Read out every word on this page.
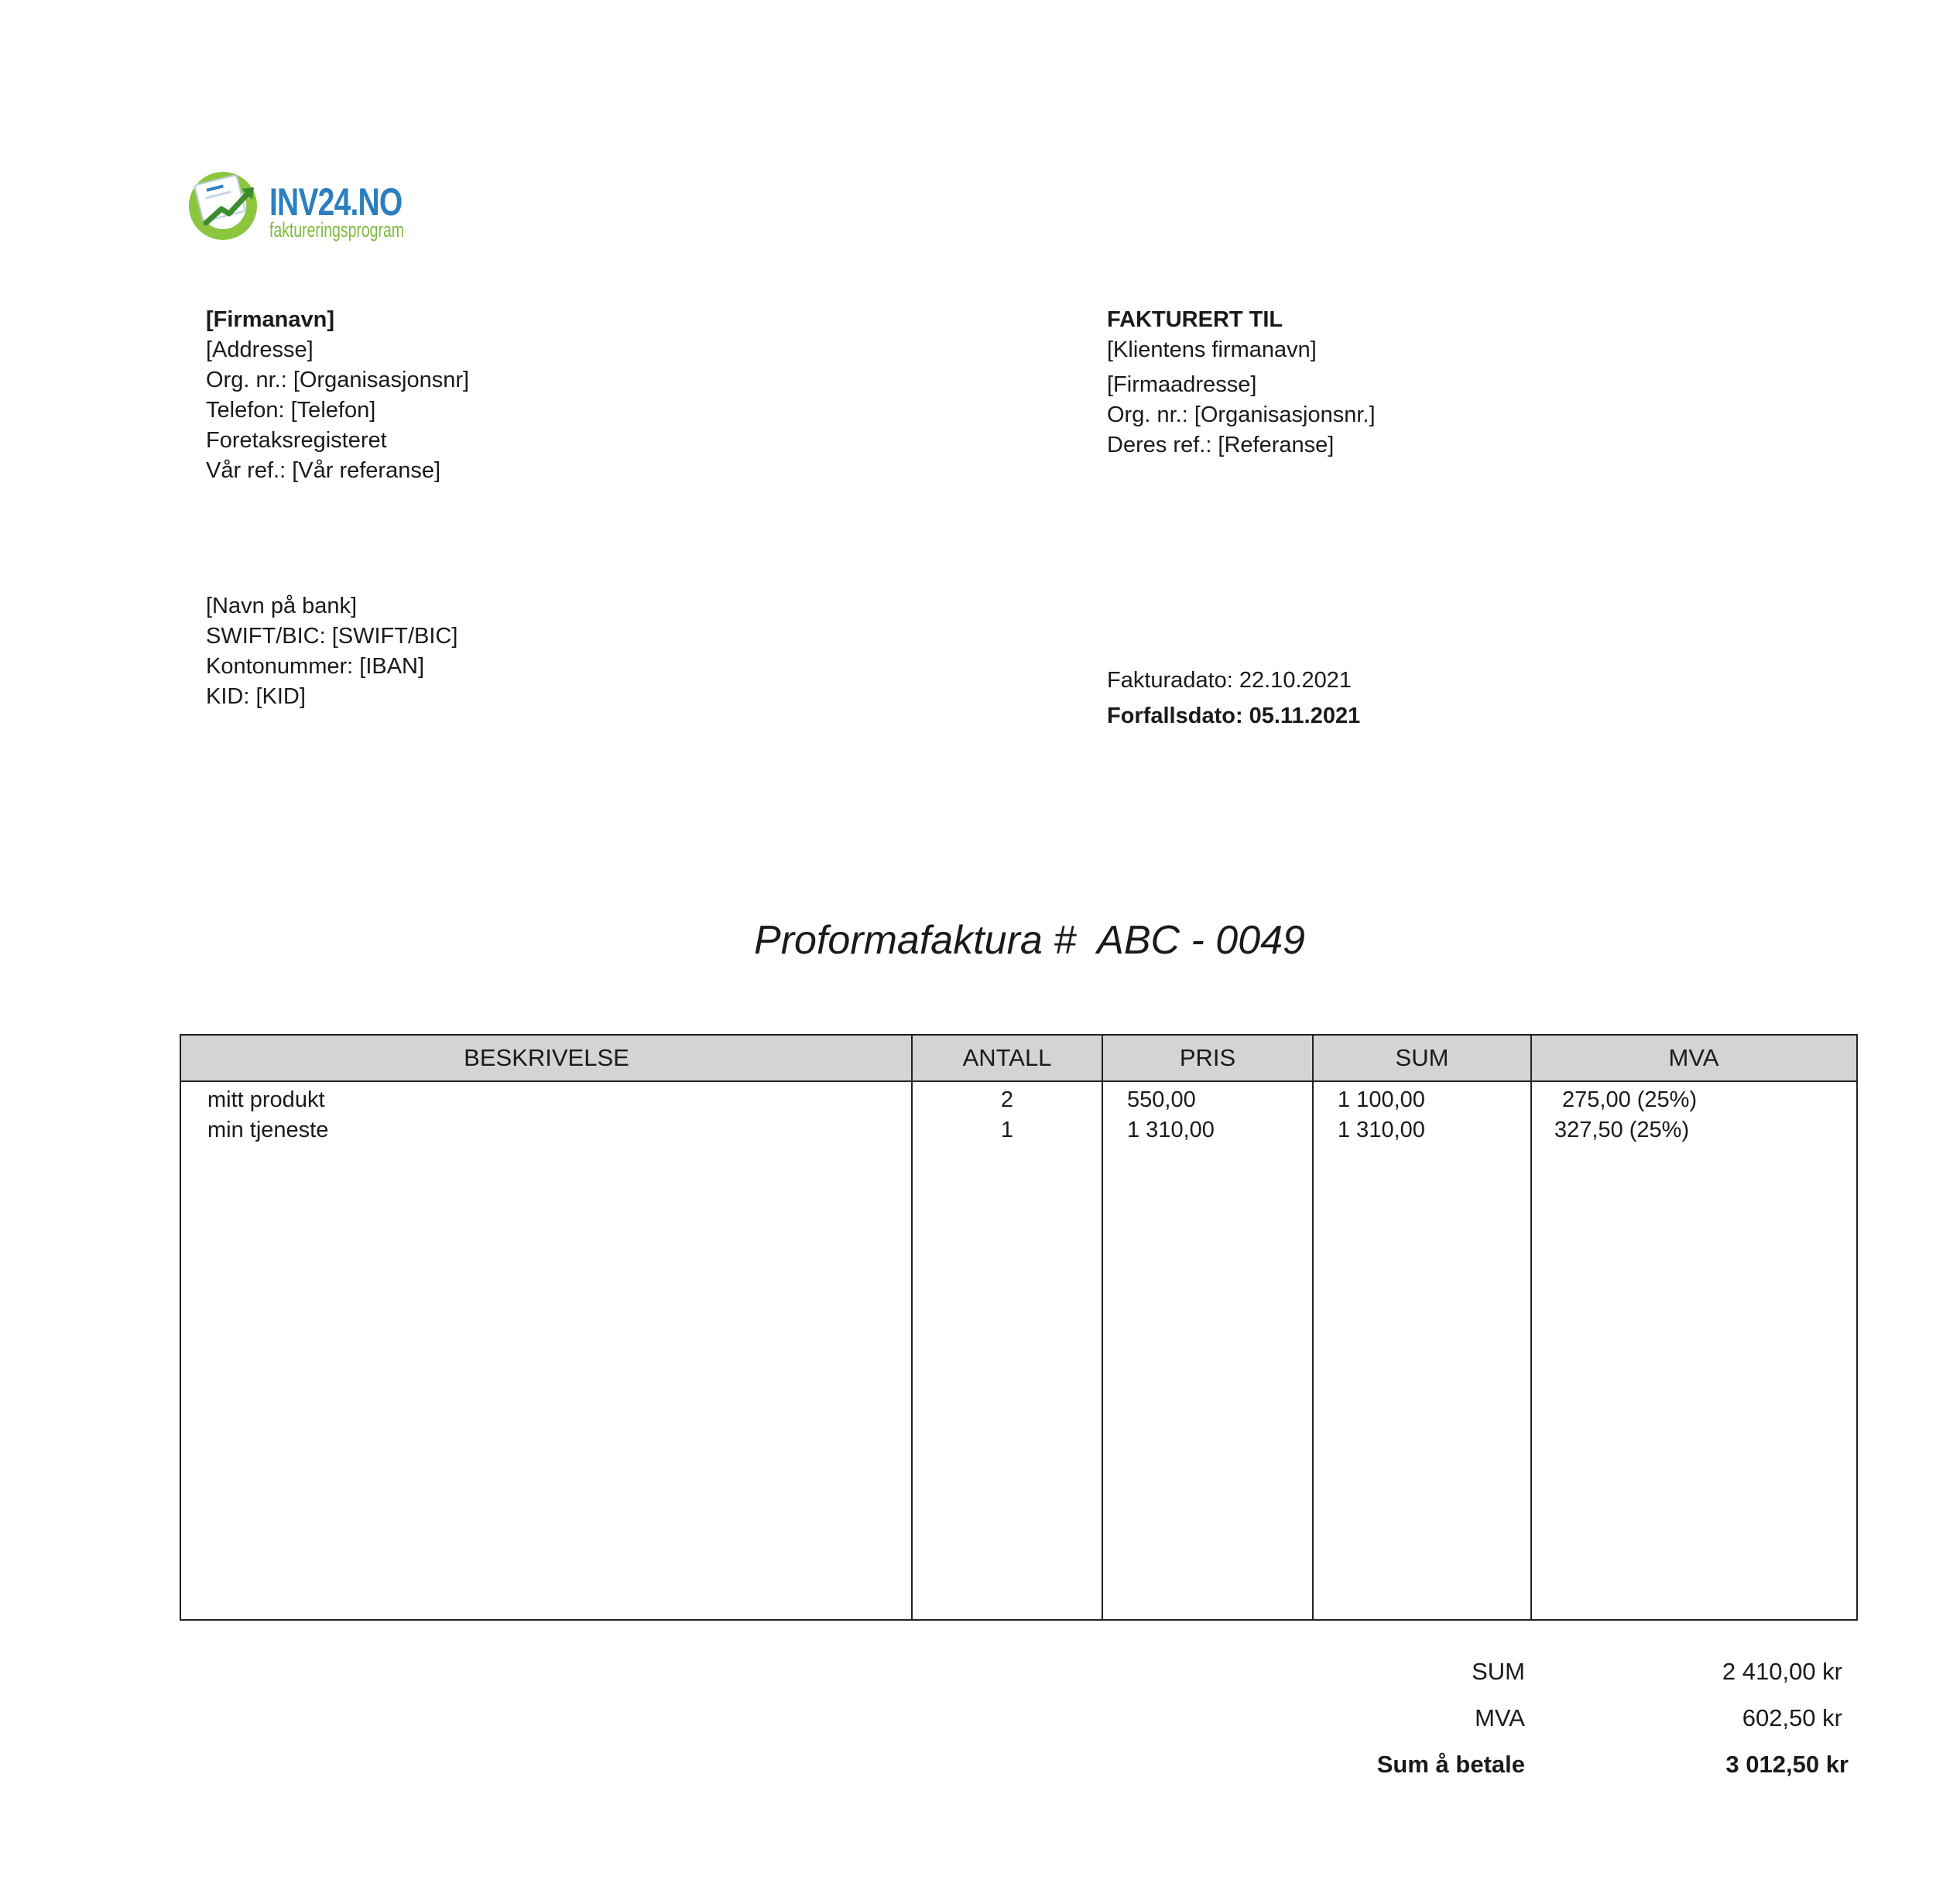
INV24.NO
faktureringsprogram
[Firmanavn]
[Addresse]
Org. nr.: [Organisasjonsnr]
Telefon: [Telefon]
Foretaksregisteret
Vår ref.: [Vår referanse]
FAKTURERT TIL
[Klientens firmanavn]
[Firmaadresse]
Org. nr.: [Organisasjonsnr.]
Deres ref.: [Referanse]
[Navn på bank]
SWIFT/BIC: [SWIFT/BIC]
Kontonummer: [IBAN]
KID: [KID]
Fakturadato: 22.10.2021
Forfallsdato: 05.11.2021
Proformafaktura #  ABC - 0049
BESKRIVELSE	ANTALL	PRIS	SUM	MVA
mitt produkt	2	550,00	1 100,00	275,00 (25%)
min tjeneste	1	1 310,00	1 310,00	327,50 (25%)
SUM	2 410,00 kr
MVA	602,50 kr
Sum å betale	3 012,50 kr
